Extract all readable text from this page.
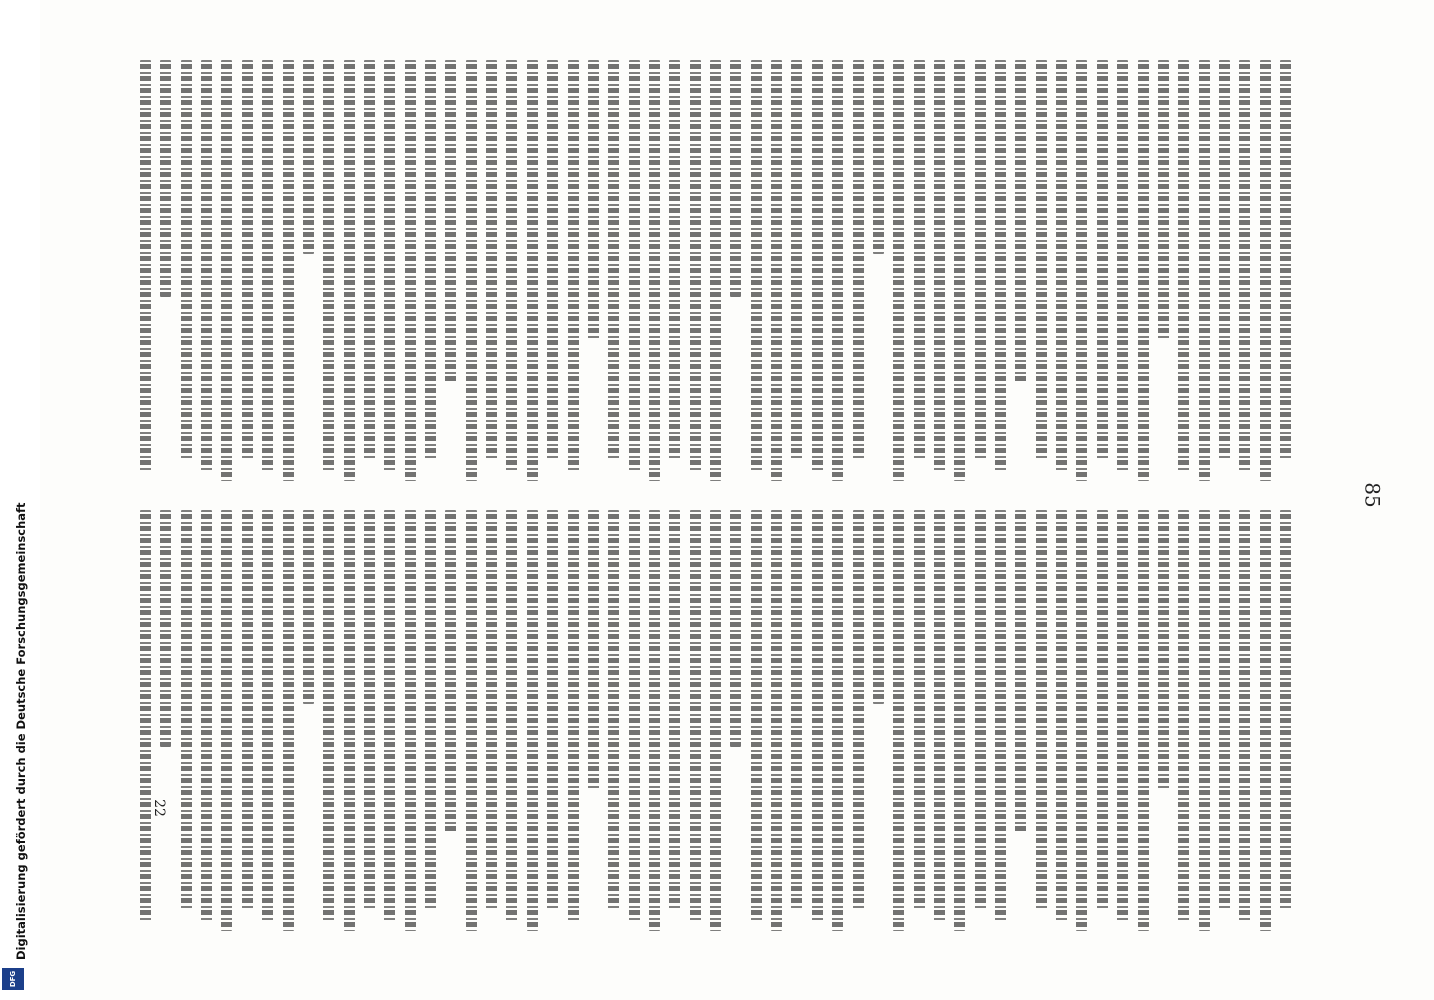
85
22
Digitalisierung gefördert durch die Deutsche Forschungsgemeinschaft
DFG
